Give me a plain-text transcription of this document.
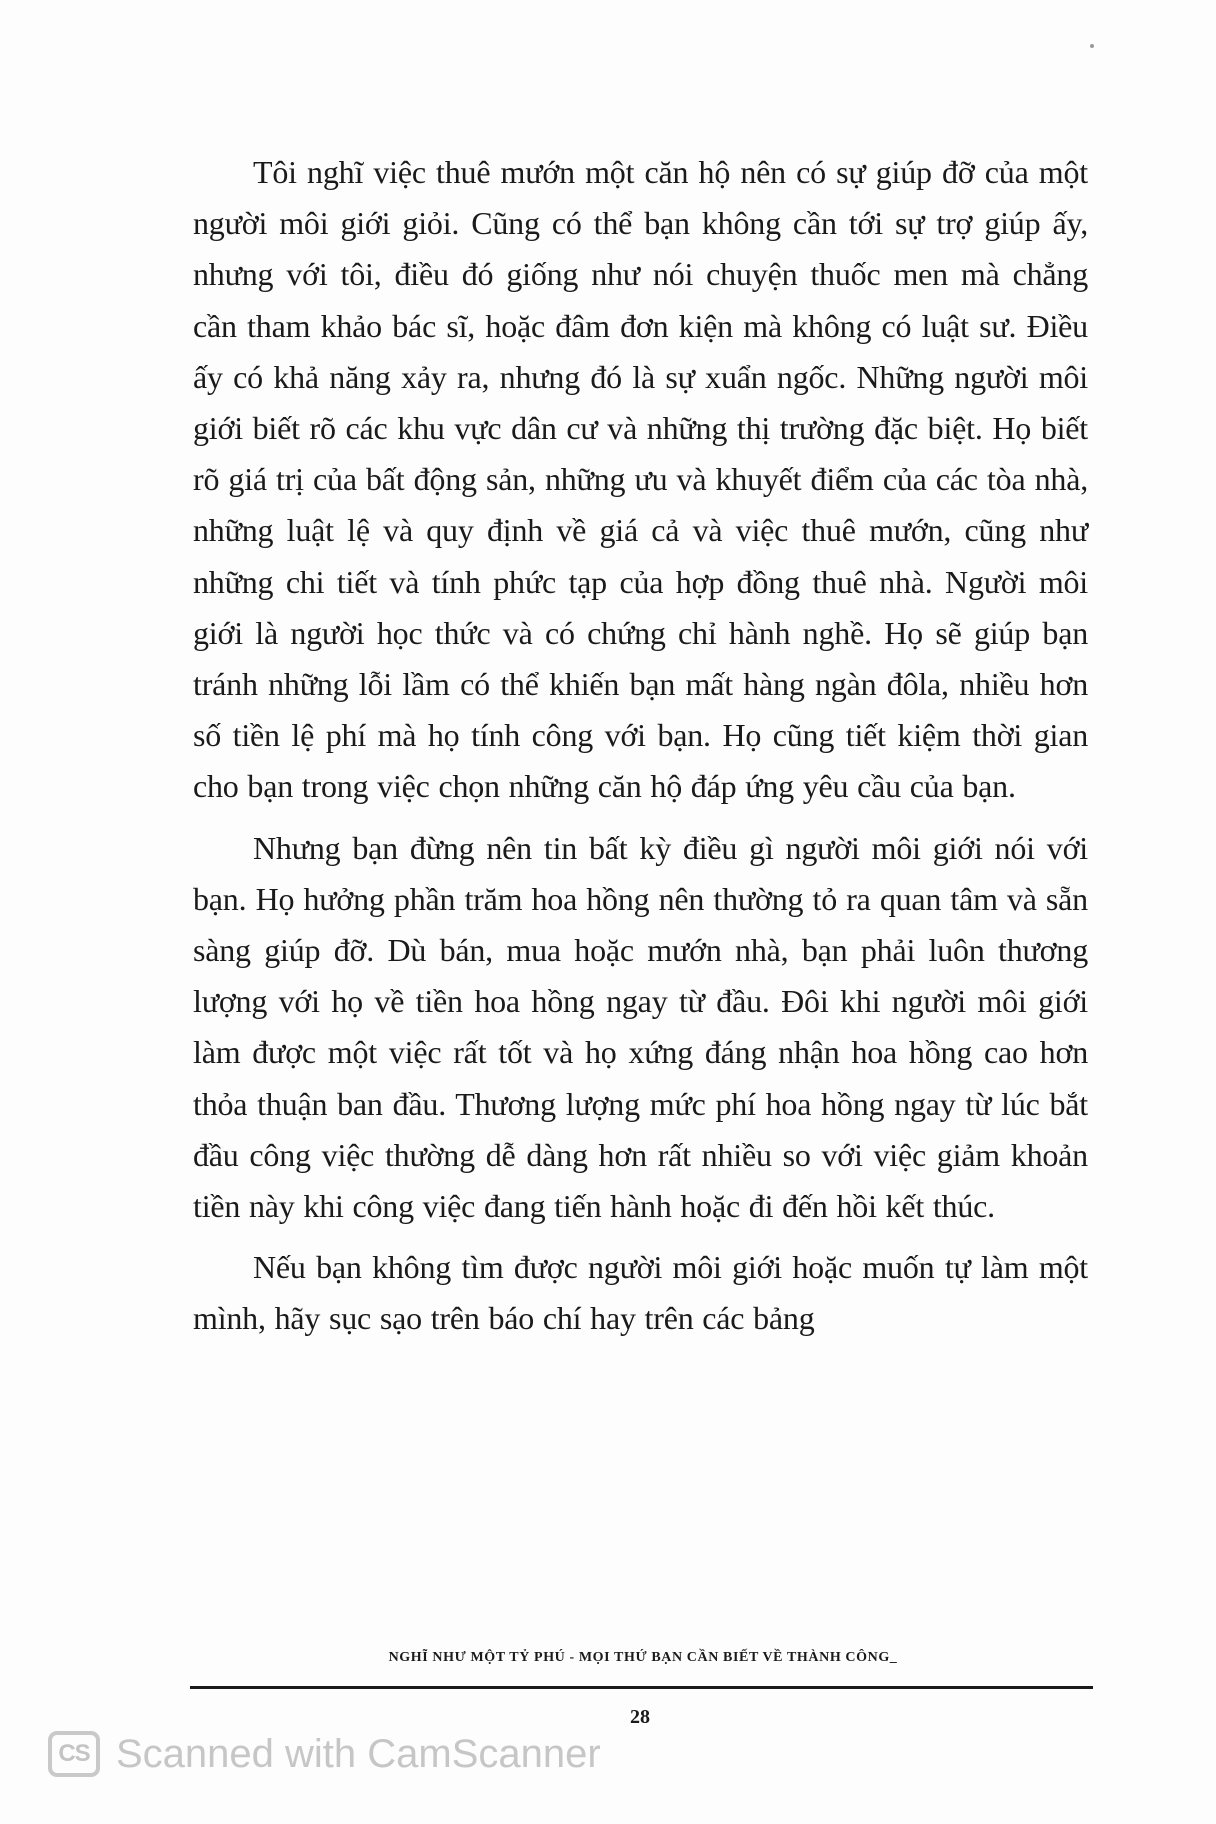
Tôi nghĩ việc thuê mướn một căn hộ nên có sự giúp đỡ của một người môi giới giỏi. Cũng có thể bạn không cần tới sự trợ giúp ấy, nhưng với tôi, điều đó giống như nói chuyện thuốc men mà chẳng cần tham khảo bác sĩ, hoặc đâm đơn kiện mà không có luật sư. Điều ấy có khả năng xảy ra, nhưng đó là sự xuẩn ngốc. Những người môi giới biết rõ các khu vực dân cư và những thị trường đặc biệt. Họ biết rõ giá trị của bất động sản, những ưu và khuyết điểm của các tòa nhà, những luật lệ và quy định về giá cả và việc thuê mướn, cũng như những chi tiết và tính phức tạp của hợp đồng thuê nhà. Người môi giới là người học thức và có chứng chỉ hành nghề. Họ sẽ giúp bạn tránh những lỗi lầm có thể khiến bạn mất hàng ngàn đôla, nhiều hơn số tiền lệ phí mà họ tính công với bạn. Họ cũng tiết kiệm thời gian cho bạn trong việc chọn những căn hộ đáp ứng yêu cầu của bạn.

Nhưng bạn đừng nên tin bất kỳ điều gì người môi giới nói với bạn. Họ hưởng phần trăm hoa hồng nên thường tỏ ra quan tâm và sẵn sàng giúp đỡ. Dù bán, mua hoặc mướn nhà, bạn phải luôn thương lượng với họ về tiền hoa hồng ngay từ đầu. Đôi khi người môi giới làm được một việc rất tốt và họ xứng đáng nhận hoa hồng cao hơn thỏa thuận ban đầu. Thương lượng mức phí hoa hồng ngay từ lúc bắt đầu công việc thường dễ dàng hơn rất nhiều so với việc giảm khoản tiền này khi công việc đang tiến hành hoặc đi đến hồi kết thúc.

Nếu bạn không tìm được người môi giới hoặc muốn tự làm một mình, hãy sục sạo trên báo chí hay trên các bảng

NGHĨ NHƯ MỘT TỶ PHÚ - MỌI THỨ BẠN CẦN BIẾT VỀ THÀNH CÔNG_
28
CS Scanned with CamScanner
